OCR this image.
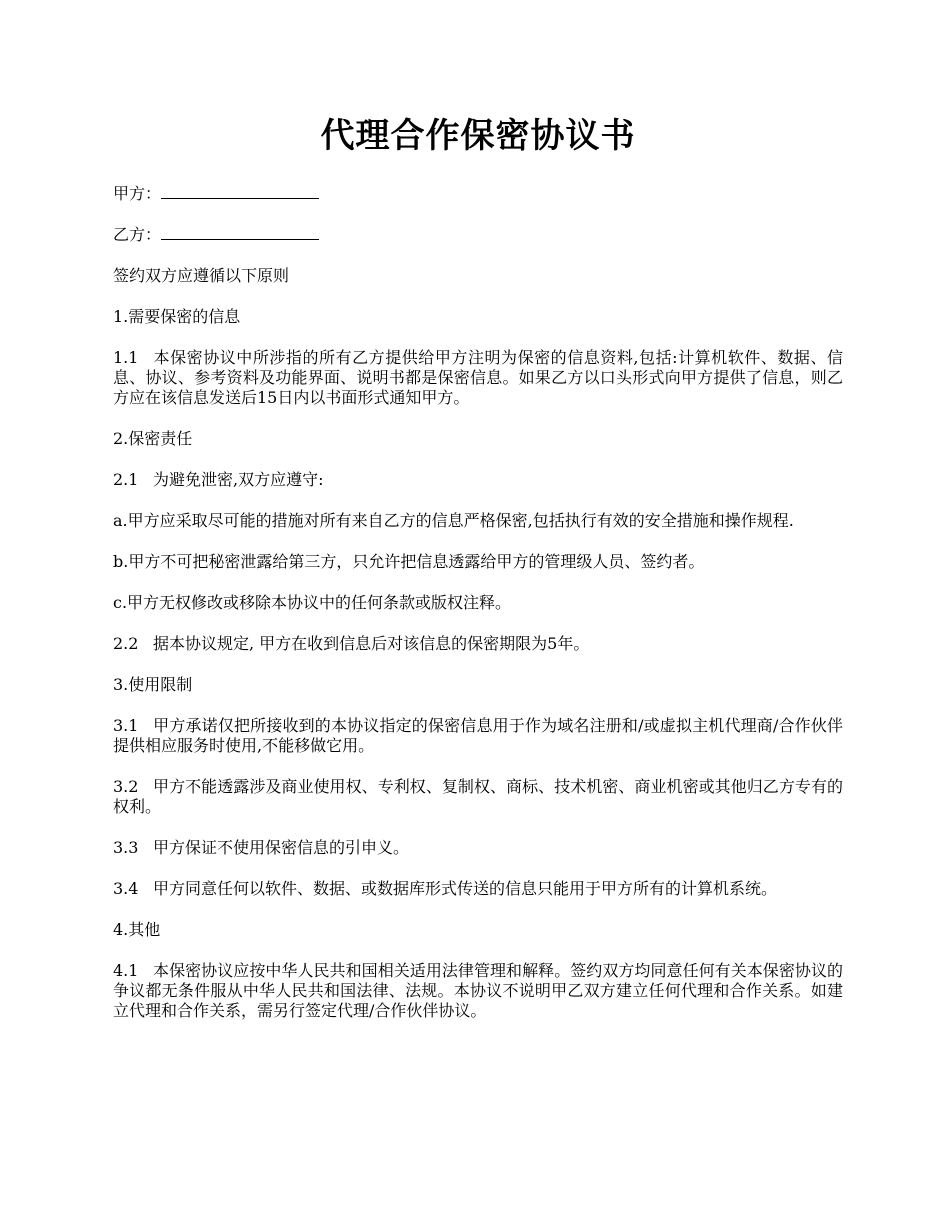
代理合作保密协议书

甲方：

乙方：

签约双方应遵循以下原则

1.需要保密的信息

1.1 本保密协议中所涉指的所有乙方提供给甲方注明为保密的信息资料,包括:计算机软件、数据、信息、协议、参考资料及功能界面、说明书都是保密信息。如果乙方以口头形式向甲方提供了信息，则乙方应在该信息发送后15日内以书面形式通知甲方。

2.保密责任

2.1 为避免泄密,双方应遵守:

a.甲方应采取尽可能的措施对所有来自乙方的信息严格保密,包括执行有效的安全措施和操作规程.

b.甲方不可把秘密泄露给第三方，只允许把信息透露给甲方的管理级人员、签约者。

c.甲方无权修改或移除本协议中的任何条款或版权注释。

2.2 据本协议规定, 甲方在收到信息后对该信息的保密期限为5年。

3.使用限制

3.1 甲方承诺仅把所接收到的本协议指定的保密信息用于作为域名注册和/或虚拟主机代理商/合作伙伴提供相应服务时使用,不能移做它用。

3.2 甲方不能透露涉及商业使用权、专利权、复制权、商标、技术机密、商业机密或其他归乙方专有的权利。

3.3 甲方保证不使用保密信息的引申义。

3.4 甲方同意任何以软件、数据、或数据库形式传送的信息只能用于甲方所有的计算机系统。

4.其他

4.1 本保密协议应按中华人民共和国相关适用法律管理和解释。签约双方均同意任何有关本保密协议的争议都无条件服从中华人民共和国法律、法规。本协议不说明甲乙双方建立任何代理和合作关系。如建立代理和合作关系，需另行签定代理/合作伙伴协议。
